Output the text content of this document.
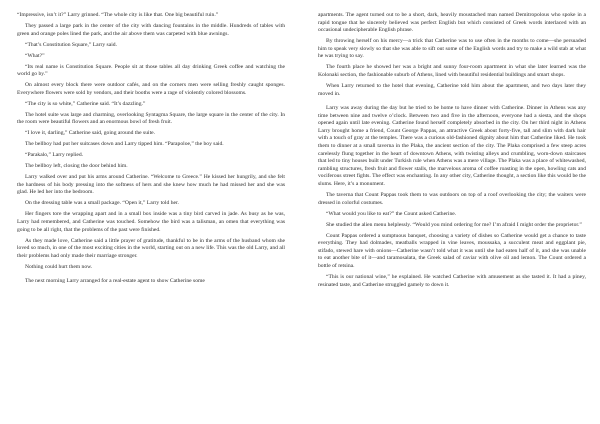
“Impressive, isn’t it?” Larry grinned. “The whole city is like that. One big beautiful ruin.”

They passed a large park in the center of the city with dancing fountains in the middle. Hundreds of tables with green and orange poles lined the park, and the air above them was carpeted with blue awnings.

“That’s Constitution Square,” Larry said.

“What?”

“Its real name is Constitution Square. People sit at those tables all day drinking Greek coffee and watching the world go by.”

On almost every block there were outdoor cafés, and on the corners men were selling freshly caught sponges. Everywhere flowers were sold by vendors, and their booths were a rage of violently colored blossoms.

“The city is so white,” Catherine said. “It’s dazzling.”

The hotel suite was large and charming, overlooking Syntagma Square, the large square in the center of the city. In the room were beautiful flowers and an enormous bowl of fresh fruit.

“I love it, darling,” Catherine said, going around the suite.

The bellboy had put her suitcases down and Larry tipped him. “Parapoloe,” the boy said.

“Parakalo,” Larry replied.

The bellboy left, closing the door behind him.

Larry walked over and put his arms around Catherine. “Welcome to Greece.” He kissed her hungrily, and she felt the hardness of his body pressing into the softness of hers and she knew how much he had missed her and she was glad. He led her into the bedroom.

On the dressing table was a small package. “Open it,” Larry told her.

Her fingers tore the wrapping apart and in a small box inside was a tiny bird carved in jade. As busy as he was, Larry had remembered, and Catherine was touched. Somehow the bird was a talisman, an omen that everything was going to be all right, that the problems of the past were finished.

As they made love, Catherine said a little prayer of gratitude, thankful to be in the arms of the husband whom she loved so much, in one of the most exciting cities in the world, starting out on a new life. This was the old Larry, and all their problems had only made their marriage stronger.

Nothing could hurt them now.

The next morning Larry arranged for a real-estate agent to show Catherine some

apartments. The agent turned out to be a short, dark, heavily moustached man named Demitropolous who spoke in a rapid tongue that he sincerely believed was perfect English but which consisted of Greek words interlaced with an occasional undecipherable English phrase.

By throwing herself on his mercy—a trick that Catherine was to use often in the months to come—she persuaded him to speak very slowly so that she was able to sift out some of the English words and try to make a wild stab at what he was trying to say.

The fourth place he showed her was a bright and sunny four-room apartment in what she later learned was the Kolonaki section, the fashionable suburb of Athens, lined with beautiful residential buildings and smart shops.

When Larry returned to the hotel that evening, Catherine told him about the apartment, and two days later they moved in.

Larry was away during the day but he tried to be home to have dinner with Catherine. Dinner in Athens was any time between nine and twelve o’clock. Between two and five in the afternoon, everyone had a siesta, and the shops opened again until late evening. Catherine found herself completely absorbed in the city. On her third night in Athens Larry brought home a friend, Count George Pappas, an attractive Greek about forty-five, tall and slim with dark hair with a touch of gray at the temples. There was a curious old-fashioned dignity about him that Catherine liked. He took them to dinner at a small taverna in the Plaka, the ancient section of the city. The Plaka comprised a few steep acres carelessly flung together in the heart of downtown Athens, with twisting alleys and crumbling, worn-down staircases that led to tiny houses built under Turkish rule when Athens was a mere village. The Plaka was a place of whitewashed, rambling structures, fresh fruit and flower stalls, the marvelous aroma of coffee roasting in the open, howling cats and vociferous street fights. The effect was enchanting. In any other city, Catherine thought, a section like this would be the slums. Here, it’s a monument.

The taverna that Count Pappas took them to was outdoors on top of a roof overlooking the city; the waiters were dressed in colorful costumes.

“What would you like to eat?” the Count asked Catherine.

She studied the alien menu helplessly. “Would you mind ordering for me? I’m afraid I might order the proprietor.”

Count Pappas ordered a sumptuous banquet, choosing a variety of dishes so Catherine would get a chance to taste everything. They had dolmades, meatballs wrapped in vine leaves, moussaka, a succulent meat and eggplant pie, stifado, stewed hare with onions—Catherine wasn’t told what it was until she had eaten half of it, and she was unable to eat another bite of it—and taramosalata, the Greek salad of caviar with olive oil and lemon. The Count ordered a bottle of retsina.

“This is our national wine,” he explained. He watched Catherine with amusement as she tasted it. It had a piney, resinated taste, and Catherine struggled gamely to down it.
